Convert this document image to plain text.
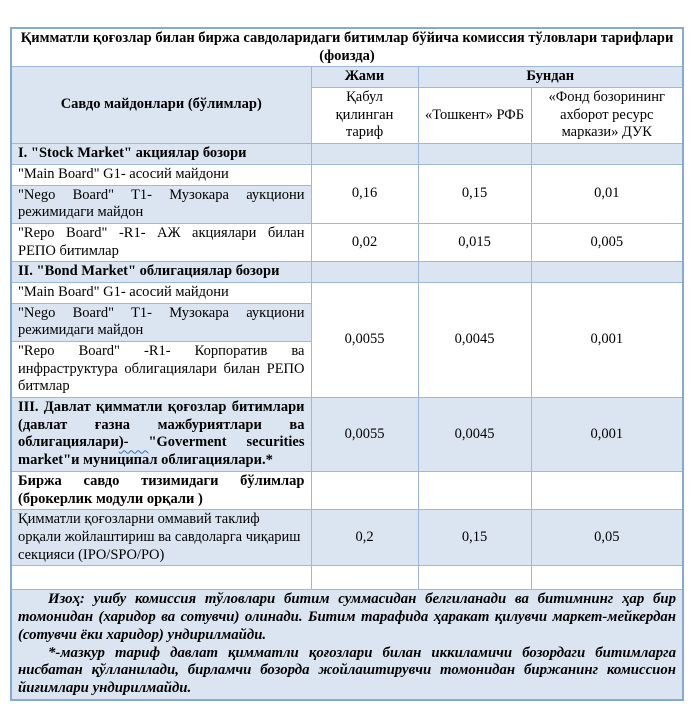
Қимматли қоғозлар билан биржа савдоларидаги битимлар бўйича комиссия тўловлари тарифлари (фоизда)			
Савдо майдонлари (бўлимлар)	Жами	Бундан	
	Қабул қилинган тариф	«Тошкент» РФБ	«Фонд бозорининг ахборот ресурс маркази» ДУК
I. "Stock Market" акциялар бозори			
"Main Board" G1- асосий майдони	0,16	0,15	0,01
"Nego Board" T1- Музокара аукциони режимидаги майдон			
"Repo Board" -R1- АЖ акциялари билан РЕПО битимлар	0,02	0,015	0,005
II. "Bond Market" облигациялар бозори			
"Main Board" G1- асосий майдони	0,0055	0,0045	0,001
"Nego Board" T1- Музокара аукциони режимидаги майдон			
"Repo Board" -R1- Корпоратив ва инфраструктура облигациялари билан РЕПО битмлар			
III. Давлат қимматли қоғозлар битимлари (давлат ғазна мажбуриятлари ва облигациялари)- "Goverment securities market"и муниципал облигациялари.*	0,0055	0,0045	0,001
Биржа савдо тизимидаги бўлимлар (брокерлик модули орқали )			
Қимматли қоғозларни оммавий таклиф орқали жойлаштириш ва савдоларга чиқариш секцияси (IPO/SPO/PO)	0,2	0,15	0,05

Изоҳ: ушбу комиссия тўловлари битим суммасидан белгиланади ва битимнинг ҳар бир томонидан (харидор ва сотувчи) олинади. Битим тарафида ҳаракат қилувчи маркет-мейкердан (сотувчи ёки харидор) ундирилмайди.

*-мазкур тариф давлат қимматли қоғозлари билан иккиламичи бозордаги битимларга нисбатан қўлланилади, бирламчи бозорда жойлаштирувчи томонидан биржанинг комиссион йиғимлари ундирилмайди.			
